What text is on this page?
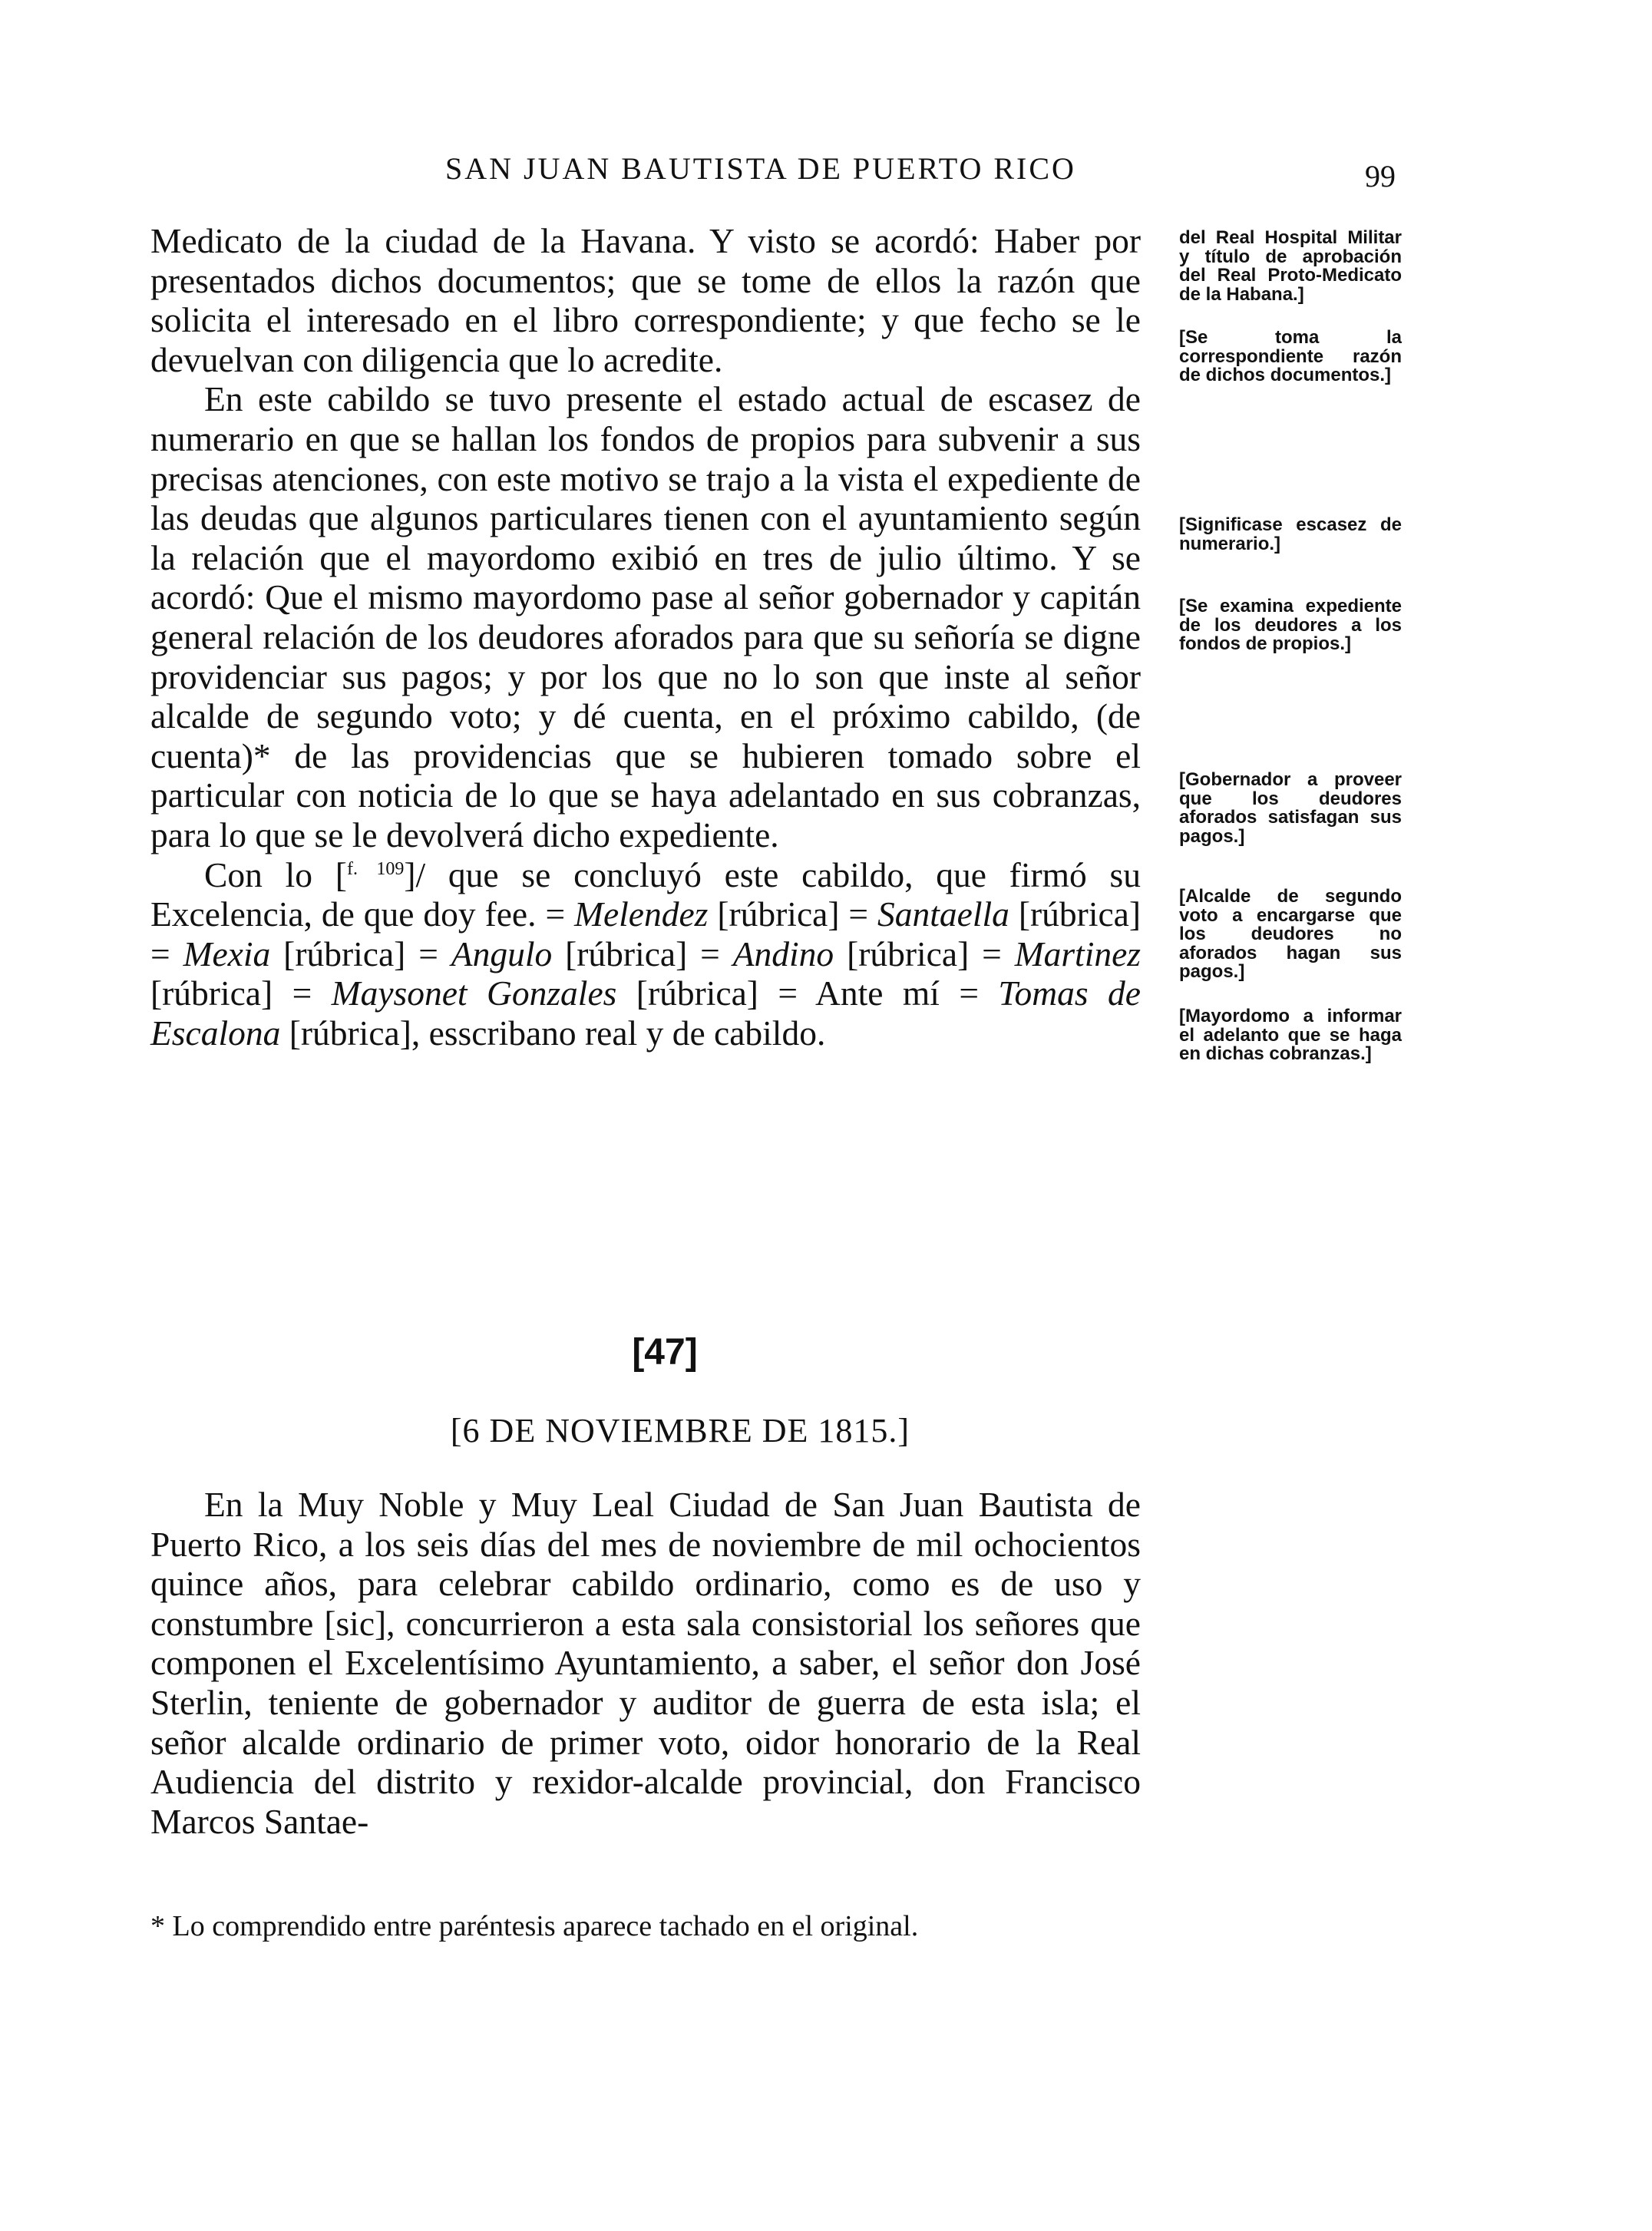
SAN JUAN BAUTISTA DE PUERTO RICO	99

Medicato de la ciudad de la Havana. Y visto se acordó: Haber por presentados dichos documentos; que se tome de ellos la razón que solicita el interesado en el libro correspondiente; y que fecho se le devuelvan con diligencia que lo acredite.

En este cabildo se tuvo presente el estado actual de escasez de numerario en que se hallan los fondos de propios para subvenir a sus precisas atenciones, con este motivo se trajo a la vista el expediente de las deudas que algunos particulares tienen con el ayuntamiento según la relación que el mayordomo exibió en tres de julio último. Y se acordó: Que el mismo mayordomo pase al señor gobernador y capitán general relación de los deudores aforados para que su señoría se digne providenciar sus pagos; y por los que no lo son que inste al señor alcalde de segundo voto; y dé cuenta, en el próximo cabildo, (de cuenta)* de las providencias que se hubieren tomado sobre el particular con noticia de lo que se haya adelantado en sus cobranzas, para lo que se le devolverá dicho expediente.

Con lo [$^{f. 109}$]/ que se concluyó este cabildo, que firmó su Excelencia, de que doy fee. = Melendez [rúbrica] = Santaella [rúbrica] = Mexia [rúbrica] = Angulo [rúbrica] = Andino [rúbrica] = Martinez [rúbrica] = Maysonet Gonzales [rúbrica] = Ante mí = Tomas de Escalona [rúbrica], esscribano real y de cabildo.

del Real Hospital Militar y título de aprobación del Real Proto-Medicato de la Habana.]
[Se toma la correspondiente razón de dichos documentos.]
[Significase escasez de numerario.]
[Se examina expediente de los deudores a los fondos de propios.]
[Gobernador a proveer que los deudores aforados satisfagan sus pagos.]
[Alcalde de segundo voto a encargarse que los deudores no aforados hagan sus pagos.]
[Mayordomo a informar el adelanto que se haga en dichas cobranzas.]
[47]
[6 DE NOVIEMBRE DE 1815.]

En la Muy Noble y Muy Leal Ciudad de San Juan Bautista de Puerto Rico, a los seis días del mes de noviembre de mil ochocientos quince años, para celebrar cabildo ordinario, como es de uso y constumbre [sic], concurrieron a esta sala consistorial los señores que componen el Excelentísimo Ayuntamiento, a saber, el señor don José Sterlin, teniente de gobernador y auditor de guerra de esta isla; el señor alcalde ordinario de primer voto, oidor honorario de la Real Audiencia del distrito y rexidor-alcalde provincial, don Francisco Marcos Santae-

* Lo comprendido entre paréntesis aparece tachado en el original.
